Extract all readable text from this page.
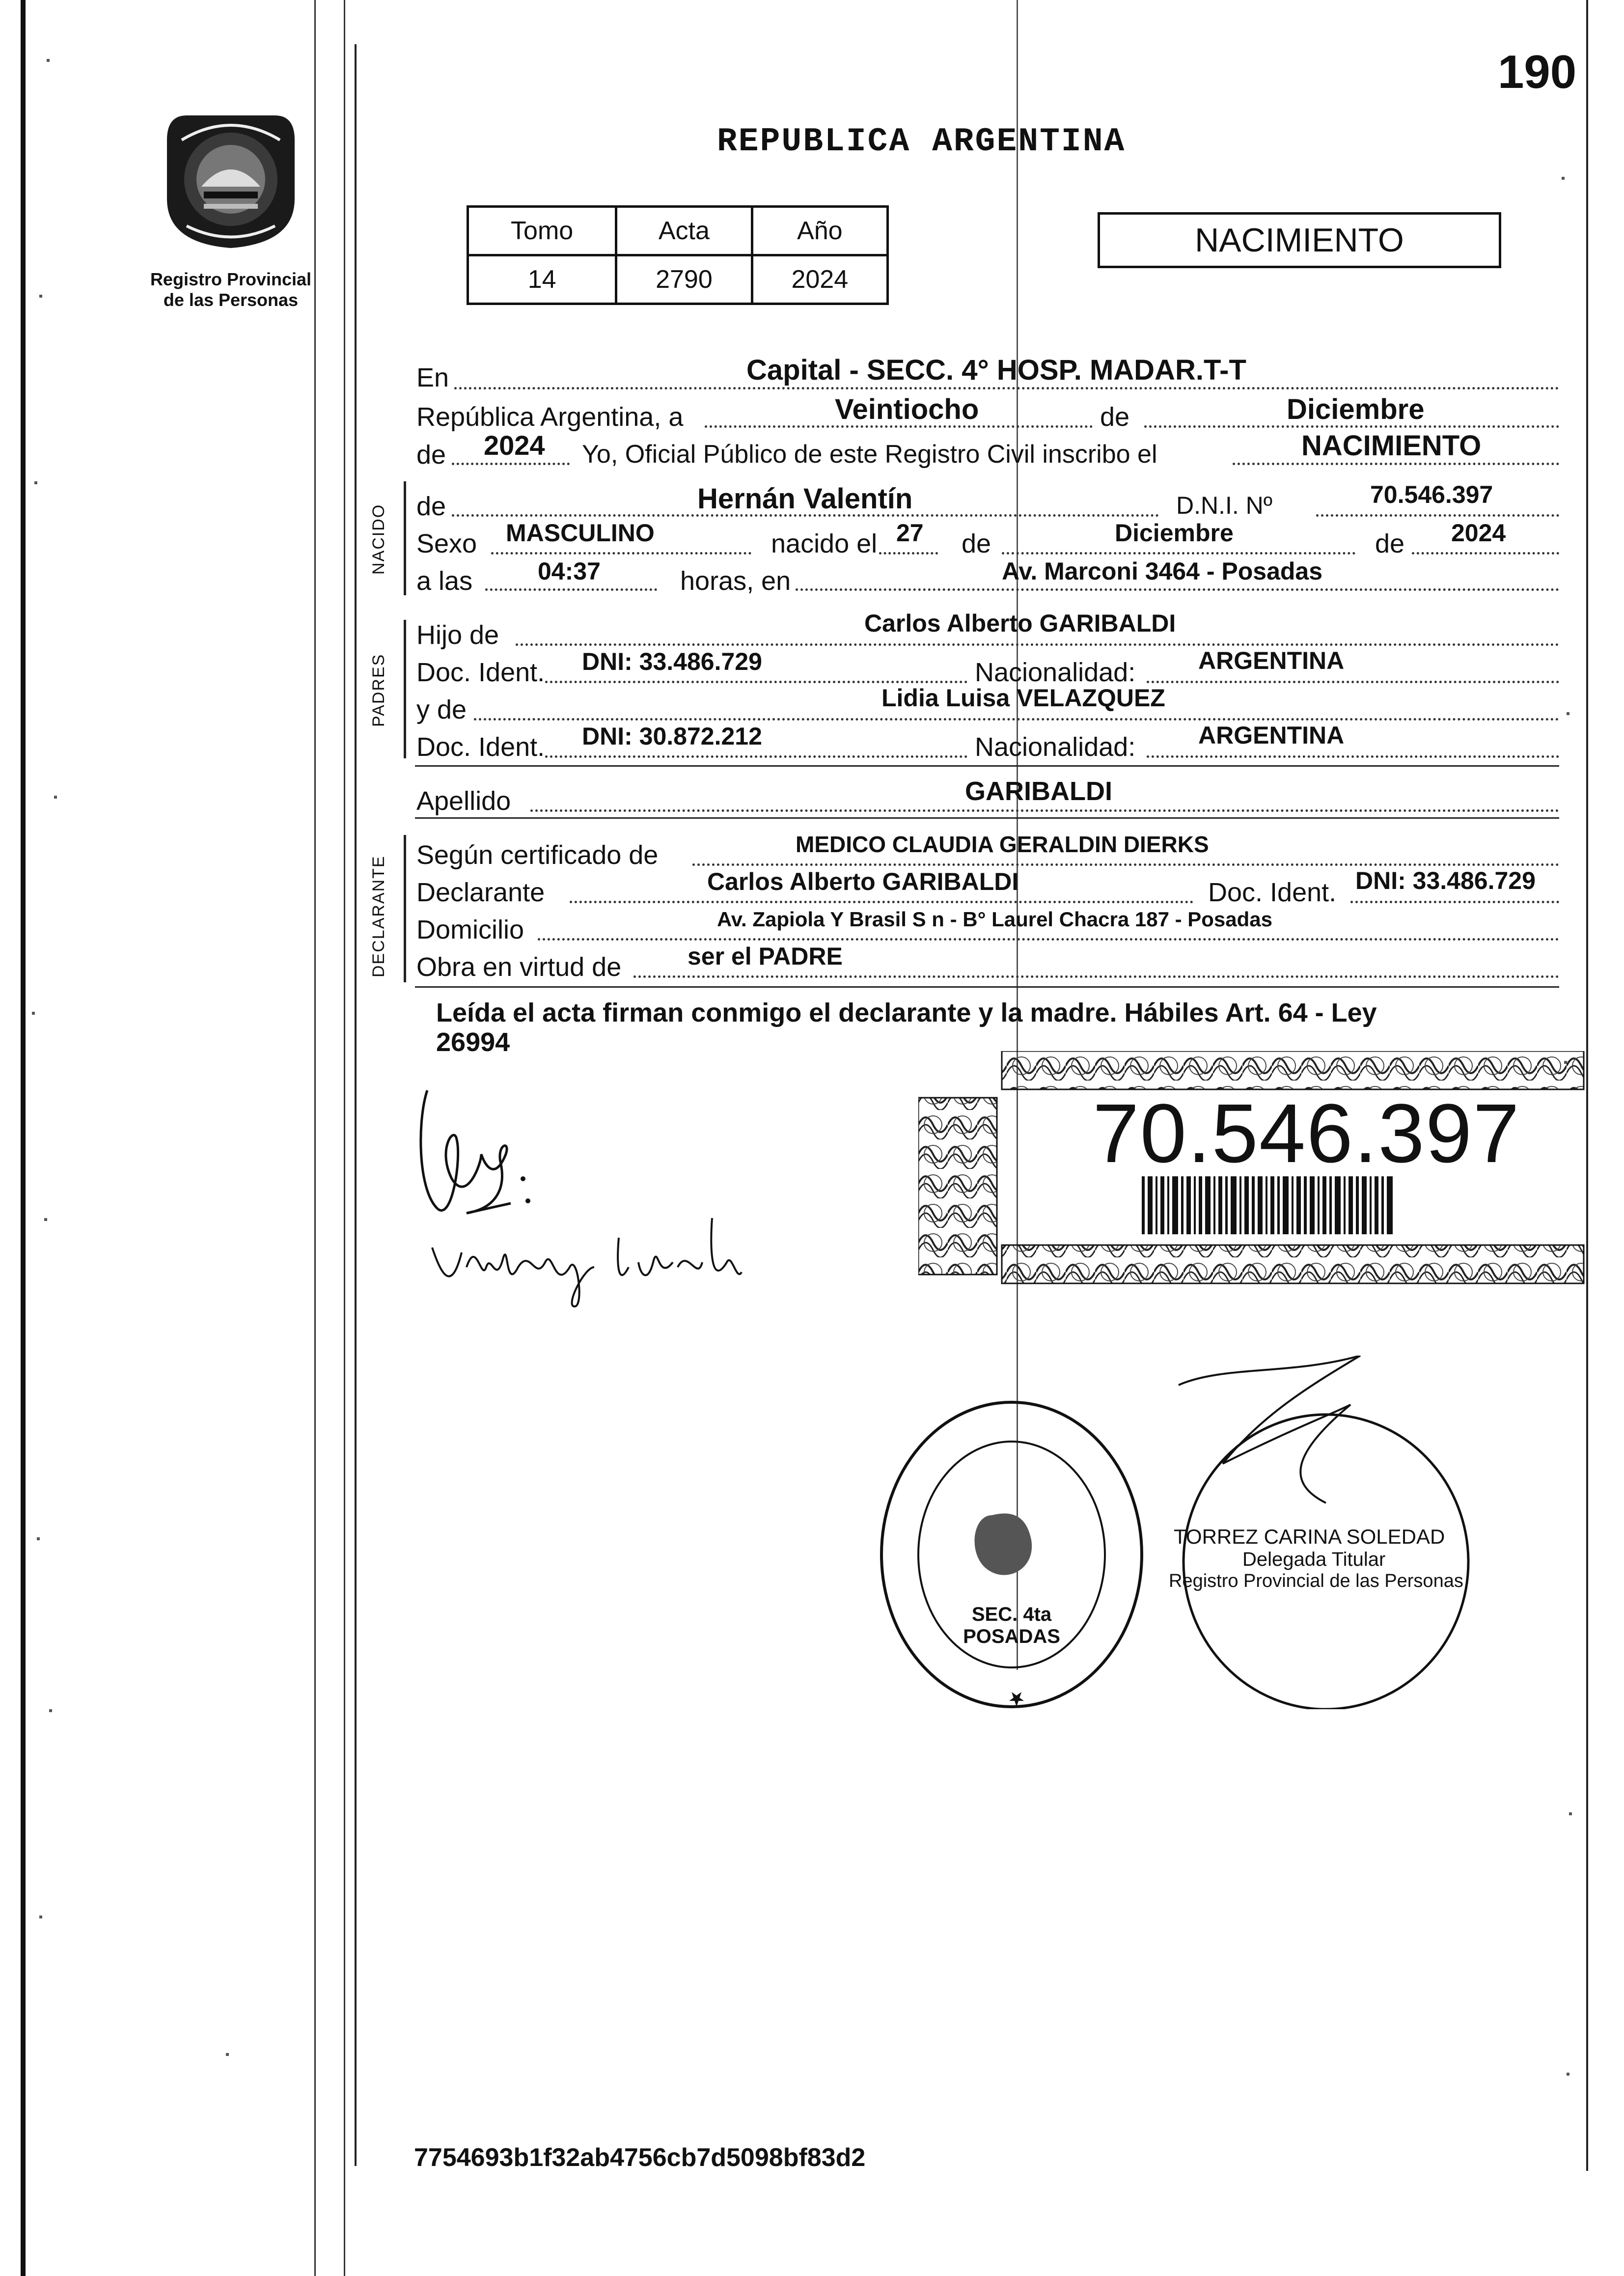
Registro Provincial
de las Personas
190
REPUBLICA ARGENTINA
Tomo	Acta	Año
14	2790	2024
NACIMIENTO
En	Capital - SECC. 4° HOSP. MADAR.T-T
República Argentina, a	Veintiocho	de	Diciembre
de 2024 Yo, Oficial Público de este Registro Civil inscribo el	NACIMIENTO
NACIDO de	Hernán Valentín	D.N.I. Nº	70.546.397
Sexo MASCULINO	nacido el 27 de	Diciembre	de 2024
a las	04:37	horas, en	Av. Marconi 3464 - Posadas
PADRES
Hijo de	Carlos Alberto GARIBALDI
Doc. Ident. DNI: 33.486.729	Nacionalidad:	ARGENTINA
y de	Lidia Luisa VELAZQUEZ
Doc. Ident. DNI: 30.872.212	Nacionalidad:	ARGENTINA
Apellido	GARIBALDI
DECLARANTE
Según certificado de	MEDICO CLAUDIA GERALDIN DIERKS
Declarante	Carlos Alberto GARIBALDI	Doc. Ident. DNI: 33.486.729
Domicilio	Av. Zapiola Y Brasil S n - B° Laurel Chacra 187 - Posadas
Obra en virtud de	ser el PADRE
Leída el acta firman conmigo el declarante y la madre. Hábiles Art. 64 - Ley
26994
70.546.397
SEC. 4ta POSADAS
TORREZ CARINA SOLEDAD
Delegada Titular
Registro Provincial de las Personas
7754693b1f32ab4756cb7d5098bf83d2
